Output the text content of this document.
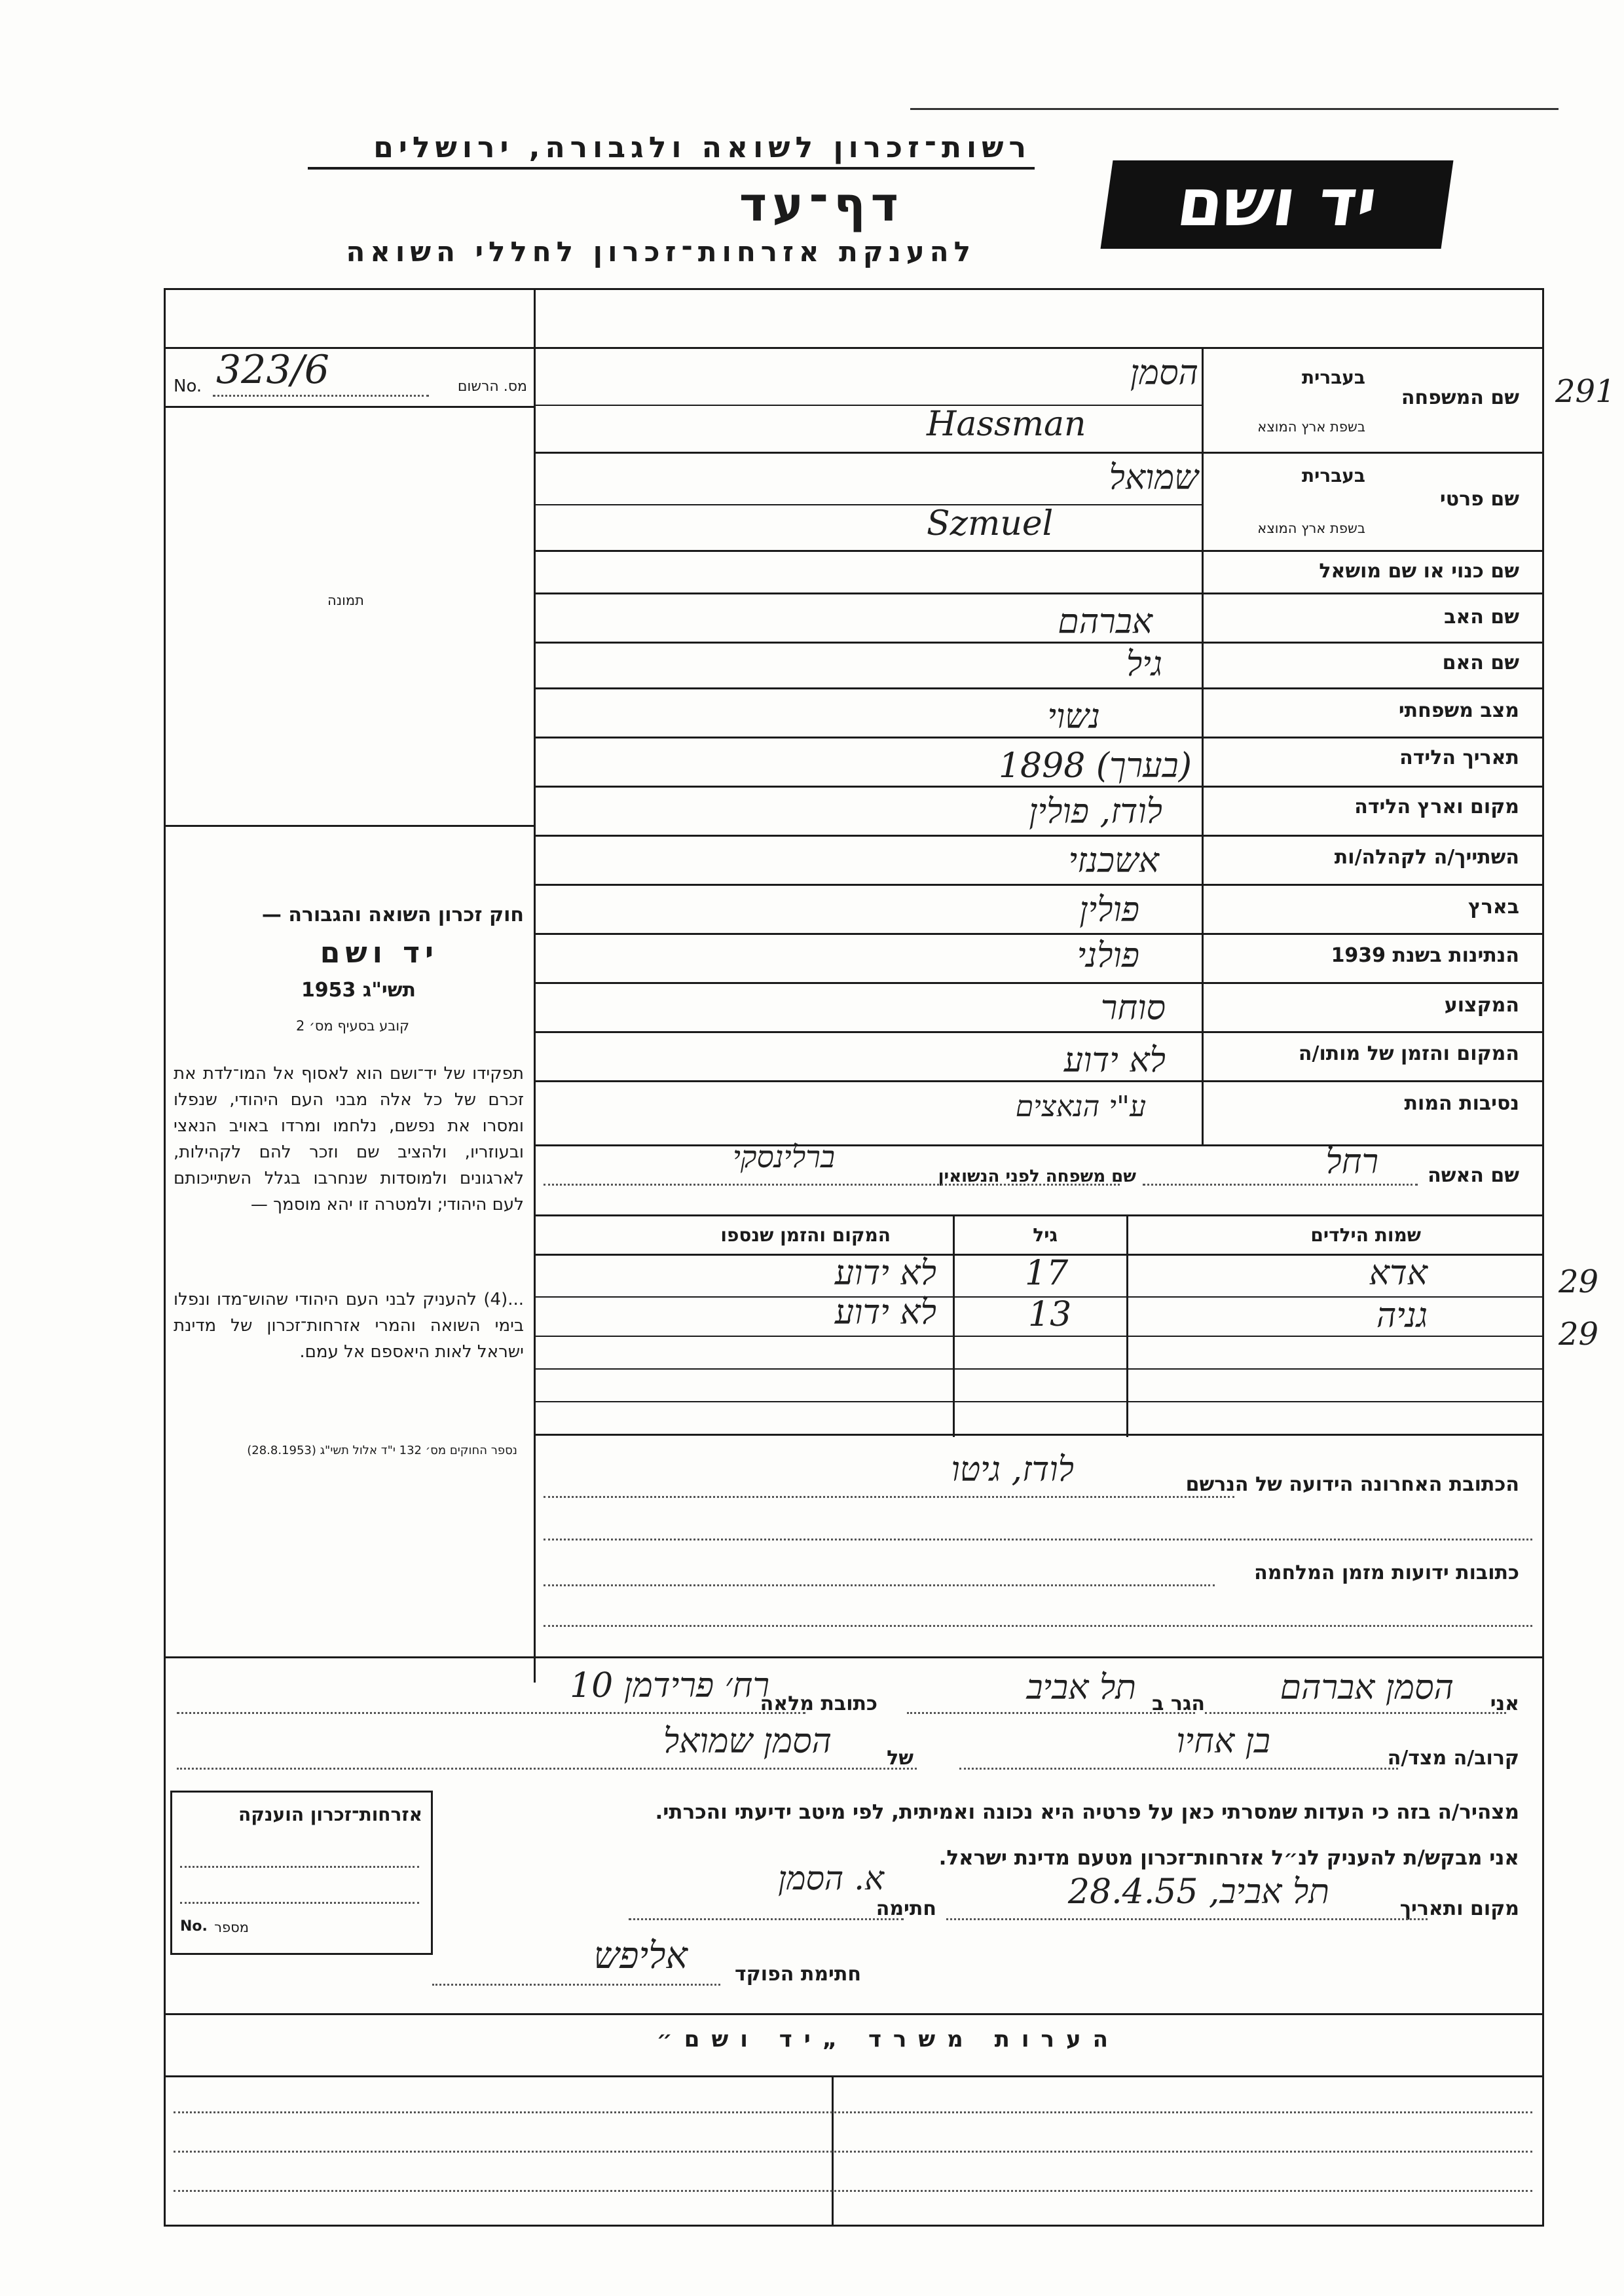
רשות־זכרון לשואה ולגבורה, ירושלים
דף־עד
להענקת אזרחות־זכרון לחללי השואה
יד ושם
No. 323/6	מס. הרשום
תמונה
חוק זכרון השואה והגבורה —
יד ושם
תשי"ג 1953
קובע בסעיף מס׳ 2
תפקידו של יד־ושם הוא לאסוף אל המו־לדת את זכרם של כל אלה מבני העם היהודי, שנפלו ומסרו את נפשם, נלחמו ומרדו באויב הנאצי ובעוזריו, ולהציב שם וזכר להם לקהילות, לארגונים ולמוסדות שנחרבו בגלל השתייכותם לעם היהודי; ולמטרה זו יהא מוסמך —
...(4) להעניק לבני העם היהודי שהוש־מדו ונפלו בימי השואה והמרי אזרחות־זכרון של מדינת ישראל לאות היאספם אל עמם.
נספר החוקים מס׳ 132 י"ד אלול תשי"ג (28.8.1953)
שם המשפחה
בעברית
בשפת ארץ המוצא
הסמן
Hassman
291
שם פרטי
בעברית
בשפת ארץ המוצא
שמואל
Szmuel
שם כנוי או שם מושאל
שם האב
אברהם
שם האם
גיל
מצב משפחתי
נשוי
תאריך הלידה
(בערך) 1898
מקום וארץ הלידה
לודז, פולין
השתייך/ה לקהלה/ות
אשכנזי
בארץ
פולין
הנתינות בשנת 1939
פולני
המקצוע
סוחר
המקום והזמן של מותו/ה
לא ידוע
נסיבות המות
ע"י הנאצים
שם האשה
רחל
שם משפחה לפני הנשואין
ברלינסקי
שמות הילדים
גיל
המקום והזמן שנספו
אדא
17
לא ידוע	29
גניה
13
לא ידוע
29
הכתובת האחרונה הידועה של הנרשם
לודז, גיטו
כתובות ידועות מזמן המלחמה
אני
הסמן אברהם
הגר ב
תל אביב
כתובת מלאה
רח׳ פרידמן 10
קרוב/ה מצד/ה
בן אחיו
של
הסמן שמואל
מצהיר/ה בזה כי העדות שמסרתי כאן על פרטיה היא נכונה ואמיתית, לפי מיטב ידיעתי והכרתי.
אני מבקש/ת להעניק לנ״ל אזרחות־זכרון מטעם מדינת ישראל.
מקום ותאריך
תל אביב, 28.4.55
חתימה
א. הסמן
חתימת הפוקד
אליפש
אזרחות־זכרון הוענקה
No. מספר
הערות משרד „יד ושם״
